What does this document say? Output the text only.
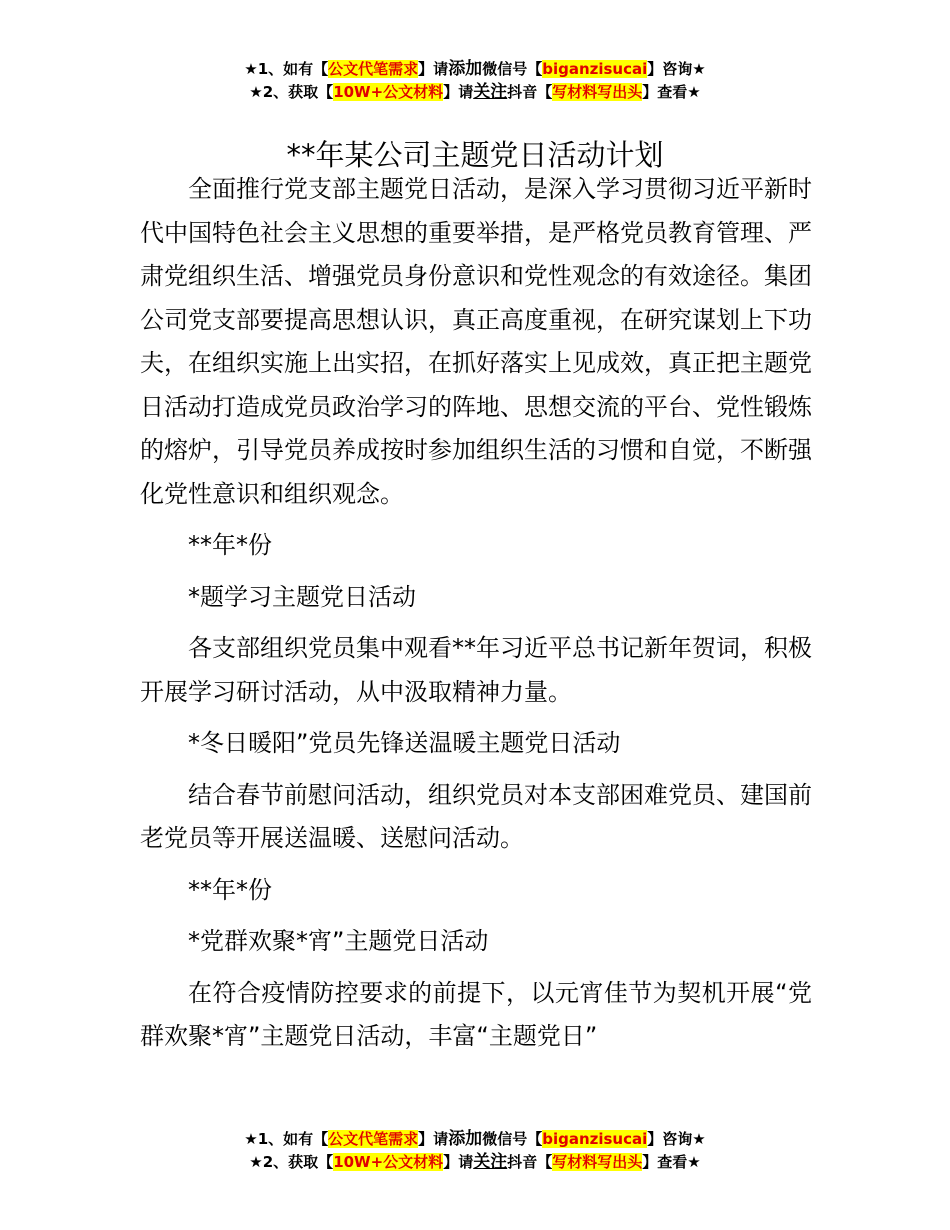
★1、如有【公文代笔需求】请添加微信号【biganzisucai】咨询★
★2、获取【10W+公文材料】请关注抖音【写材料写出头】查看★
**年某公司主题党日活动计划

全面推行党支部主题党日活动，是深入学习贯彻习近平新时代中国特色社会主义思想的重要举措，是严格党员教育管理、严肃党组织生活、增强党员身份意识和党性观念的有效途径。集团公司党支部要提高思想认识，真正高度重视，在研究谋划上下功夫，在组织实施上出实招，在抓好落实上见成效，真正把主题党日活动打造成党员政治学习的阵地、思想交流的平台、党性锻炼的熔炉，引导党员养成按时参加组织生活的习惯和自觉，不断强化党性意识和组织观念。

**年*份

*题学习主题党日活动

各支部组织党员集中观看**年习近平总书记新年贺词，积极开展学习研讨活动，从中汲取精神力量。

*冬日暖阳”党员先锋送温暖主题党日活动

结合春节前慰问活动，组织党员对本支部困难党员、建国前老党员等开展送温暖、送慰问活动。

**年*份

*党群欢聚*宵”主题党日活动

在符合疫情防控要求的前提下，以元宵佳节为契机开展“党群欢聚*宵”主题党日活动，丰富“主题党日”

★1、如有【公文代笔需求】请添加微信号【biganzisucai】咨询★
★2、获取【10W+公文材料】请关注抖音【写材料写出头】查看★
